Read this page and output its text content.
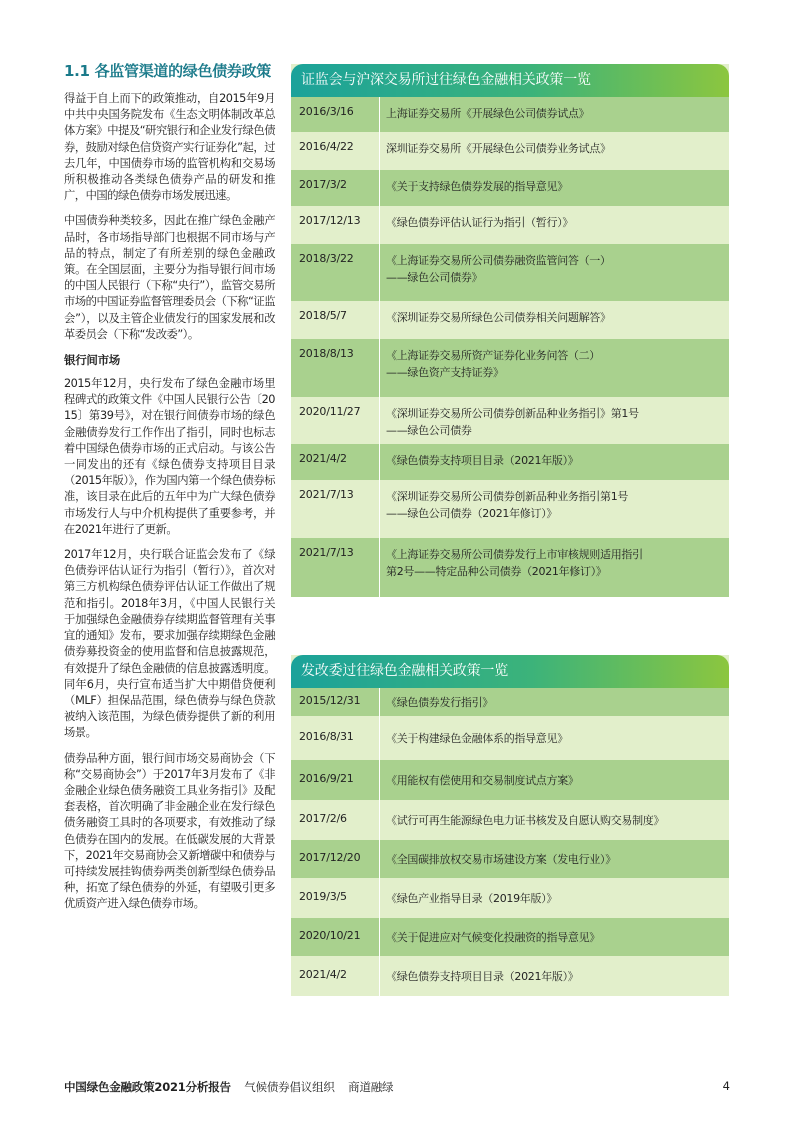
1.1 各监管渠道的绿色债券政策

得益于自上而下的政策推动，自2015年9月中共中央国务院发布《生态文明体制改革总体方案》中提及“研究银行和企业发行绿色债券，鼓励对绿色信贷资产实行证券化”起，过去几年，中国债券市场的监管机构和交易场所积极推动各类绿色债券产品的研发和推广，中国的绿色债券市场发展迅速。

中国债券种类较多，因此在推广绿色金融产品时，各市场指导部门也根据不同市场与产品的特点，制定了有所差别的绿色金融政策。在全国层面，主要分为指导银行间市场的中国人民银行（下称“央行”），监管交易所市场的中国证券监督管理委员会（下称“证监会”），以及主管企业债发行的国家发展和改革委员会（下称“发改委”）。

银行间市场

2015年12月，央行发布了绿色金融市场里程碑式的政策文件《中国人民银行公告〔2015〕第39号》，对在银行间债券市场的绿色金融债券发行工作作出了指引，同时也标志着中国绿色债券市场的正式启动。与该公告一同发出的还有《绿色债券支持项目目录（2015年版）》，作为国内第一个绿色债券标准，该目录在此后的五年中为广大绿色债券市场发行人与中介机构提供了重要参考，并在2021年进行了更新。

2017年12月，央行联合证监会发布了《绿色债券评估认证行为指引（暂行）》，首次对第三方机构绿色债券评估认证工作做出了规范和指引。2018年3月，《中国人民银行关于加强绿色金融债券存续期监督管理有关事宜的通知》发布，要求加强存续期绿色金融债券募投资金的使用监督和信息披露规范，有效提升了绿色金融债的信息披露透明度。同年6月，央行宣布适当扩大中期借贷便利（MLF）担保品范围，绿色债券与绿色贷款被纳入该范围，为绿色债券提供了新的利用场景。

债券品种方面，银行间市场交易商协会（下称“交易商协会”）于2017年3月发布了《非金融企业绿色债务融资工具业务指引》及配套表格，首次明确了非金融企业在发行绿色债务融资工具时的各项要求，有效推动了绿色债券在国内的发展。在低碳发展的大背景下，2021年交易商协会又新增碳中和债券与可持续发展挂钩债券两类创新型绿色债券品种，拓宽了绿色债券的外延，有望吸引更多优质资产进入绿色债券市场。

证监会与沪深交易所过往绿色金融相关政策一览
2016/3/16	上海证券交易所《开展绿色公司债券试点》
2016/4/22	深圳证券交易所《开展绿色公司债券业务试点》
2017/3/2	《关于支持绿色债券发展的指导意见》
2017/12/13	《绿色债券评估认证行为指引（暂行）》
2018/3/22	《上海证券交易所公司债券融资监管问答（一）
——绿色公司债券》
2018/5/7	《深圳证券交易所绿色公司债券相关问题解答》
2018/8/13	《上海证券交易所资产证券化业务问答（二）
——绿色资产支持证券》
2020/11/27	《深圳证券交易所公司债券创新品种业务指引》第1号
——绿色公司债券
2021/4/2	《绿色债券支持项目目录（2021年版）》
2021/7/13	《深圳证券交易所公司债券创新品种业务指引第1号
——绿色公司债券（2021年修订）》
2021/7/13	《上海证券交易所公司债券发行上市审核规则适用指引
第2号——特定品种公司债券（2021年修订）》
发改委过往绿色金融相关政策一览
2015/12/31	《绿色债券发行指引》
2016/8/31	《关于构建绿色金融体系的指导意见》
2016/9/21	《用能权有偿使用和交易制度试点方案》
2017/2/6	《试行可再生能源绿色电力证书核发及自愿认购交易制度》
2017/12/20	《全国碳排放权交易市场建设方案（发电行业）》
2019/3/5	《绿色产业指导目录（2019年版）》
2020/10/21	《关于促进应对气候变化投融资的指导意见》
2021/4/2	《绿色债券支持项目目录（2021年版）》
中国绿色金融政策2021分析报告 气候债券倡议组织 商道融绿	4
